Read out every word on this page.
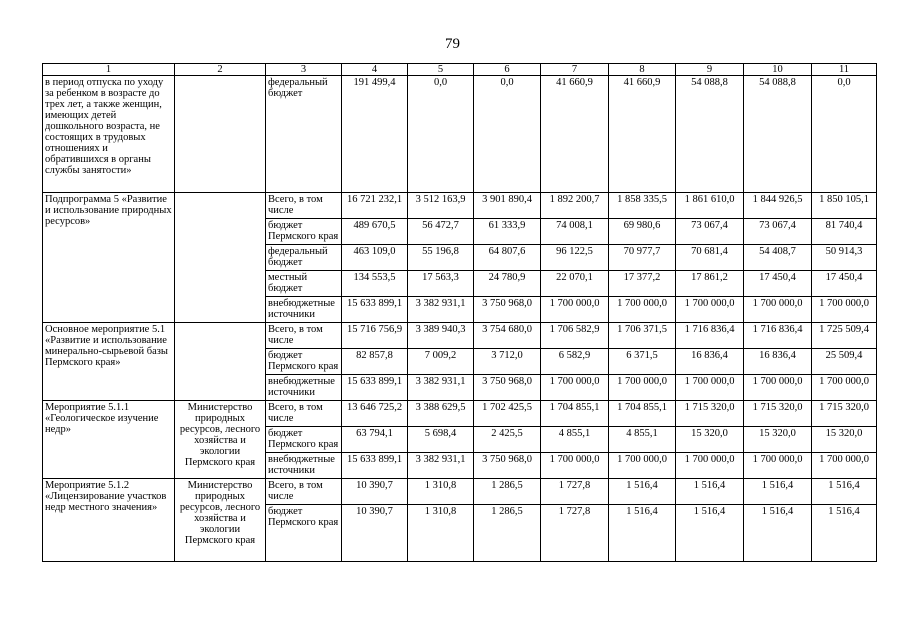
79
1	2	3	4	5	6	7	8	9	10	11
в период отпуска по уходу за ребенком в возрасте до трех лет, а также женщин, имеющих детей дошкольного возраста, не состоящих в трудовых отношениях и обратившихся в органы службы занятости»		федеральный бюджет	191 499,4	0,0	0,0	41 660,9	41 660,9	54 088,8	54 088,8	0,0
Подпрограмма 5 «Развитие и использование природных ресурсов»		Всего, в том числе	16 721 232,1	3 512 163,9	3 901 890,4	1 892 200,7	1 858 335,5	1 861 610,0	1 844 926,5	1 850 105,1
		бюджет Пермского края	489 670,5	56 472,7	61 333,9	74 008,1	69 980,6	73 067,4	73 067,4	81 740,4
		федеральный бюджет	463 109,0	55 196,8	64 807,6	96 122,5	70 977,7	70 681,4	54 408,7	50 914,3
		местный бюджет	134 553,5	17 563,3	24 780,9	22 070,1	17 377,2	17 861,2	17 450,4	17 450,4
		внебюджетные источники	15 633 899,1	3 382 931,1	3 750 968,0	1 700 000,0	1 700 000,0	1 700 000,0	1 700 000,0	1 700 000,0
Основное мероприятие 5.1 «Развитие и использование минерально-сырьевой базы Пермского края»		Всего, в том числе	15 716 756,9	3 389 940,3	3 754 680,0	1 706 582,9	1 706 371,5	1 716 836,4	1 716 836,4	1 725 509,4
		бюджет Пермского края	82 857,8	7 009,2	3 712,0	6 582,9	6 371,5	16 836,4	16 836,4	25 509,4
		внебюджетные источники	15 633 899,1	3 382 931,1	3 750 968,0	1 700 000,0	1 700 000,0	1 700 000,0	1 700 000,0	1 700 000,0
Мероприятие 5.1.1 «Геологическое изучение недр»	Министерство природных ресурсов, лесного хозяйства и экологии Пермского края	Всего, в том числе	13 646 725,2	3 388 629,5	1 702 425,5	1 704 855,1	1 704 855,1	1 715 320,0	1 715 320,0	1 715 320,0
		бюджет Пермского края	63 794,1	5 698,4	2 425,5	4 855,1	4 855,1	15 320,0	15 320,0	15 320,0
		внебюджетные источники	15 633 899,1	3 382 931,1	3 750 968,0	1 700 000,0	1 700 000,0	1 700 000,0	1 700 000,0	1 700 000,0
Мероприятие 5.1.2 «Лицензирование участков недр местного значения»	Министерство природных ресурсов, лесного хозяйства и экологии Пермского края	Всего, в том числе	10 390,7	1 310,8	1 286,5	1 727,8	1 516,4	1 516,4	1 516,4	1 516,4
		бюджет Пермского края	10 390,7	1 310,8	1 286,5	1 727,8	1 516,4	1 516,4	1 516,4	1 516,4
